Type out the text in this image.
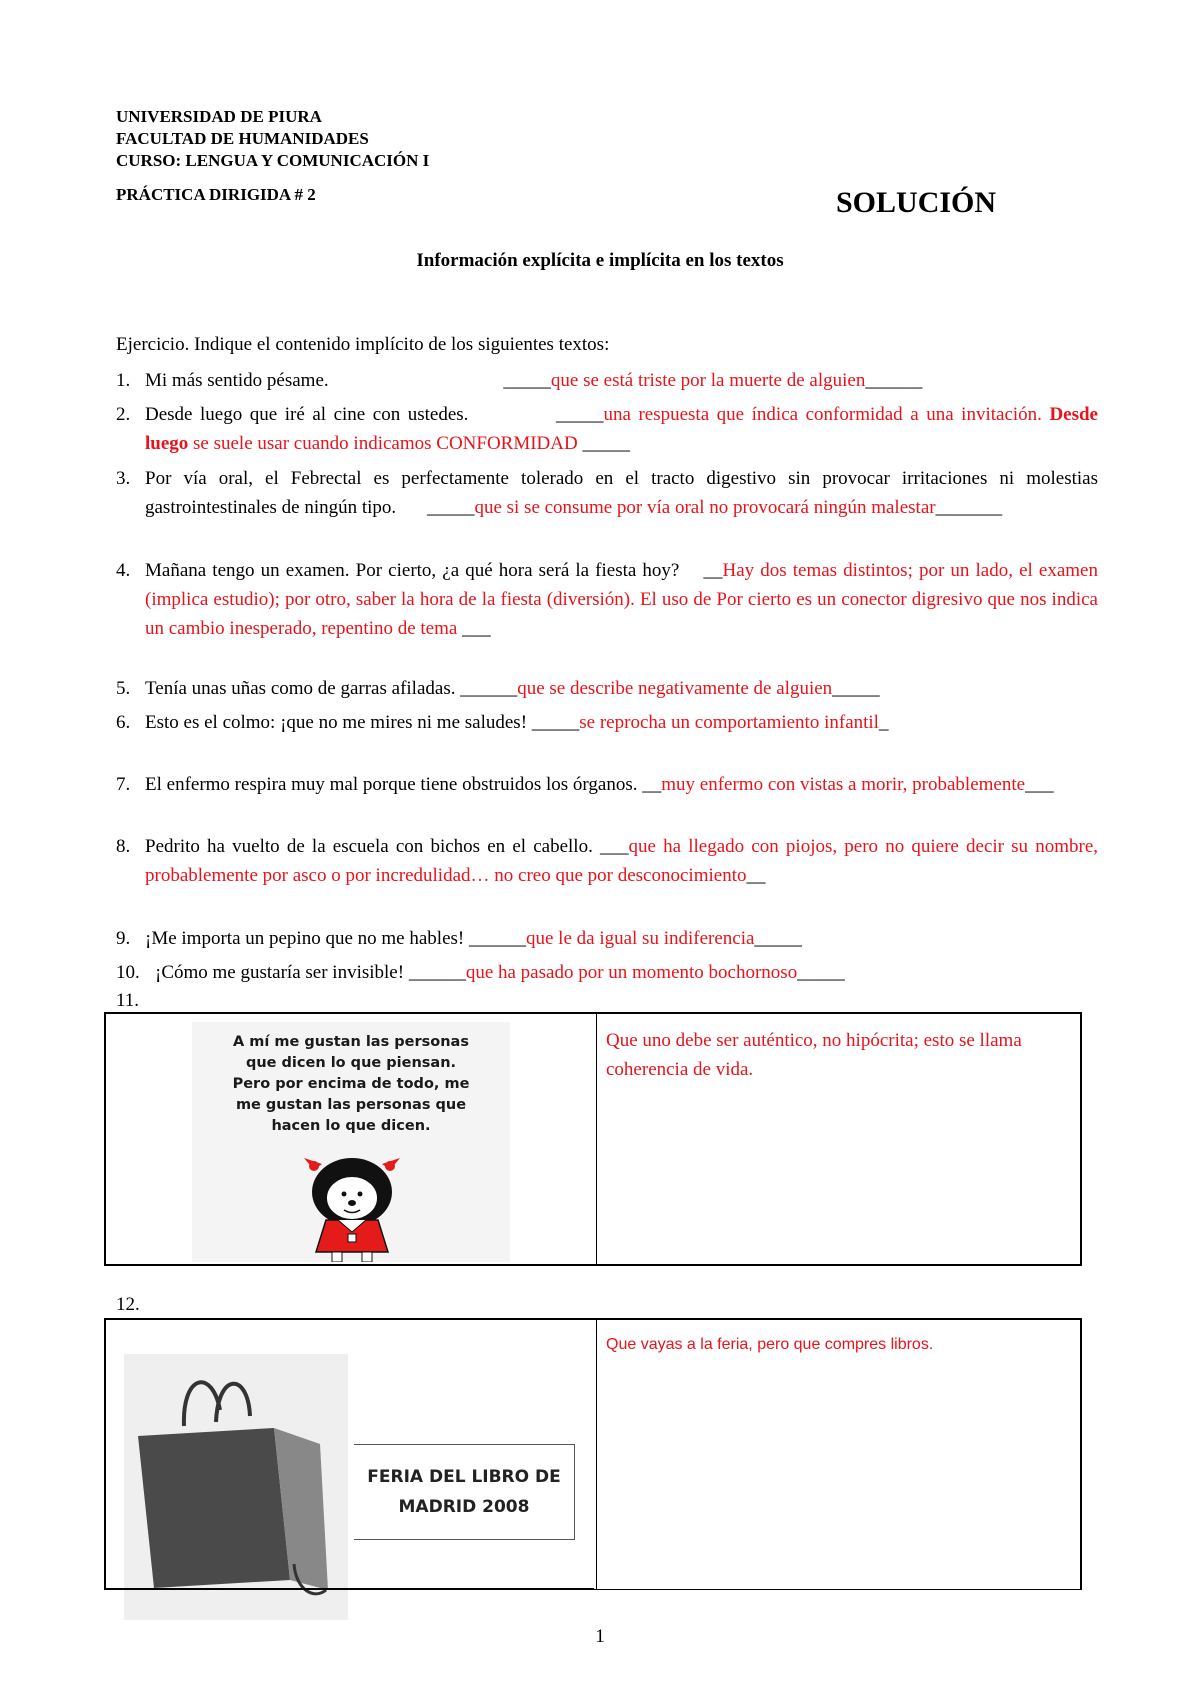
UNIVERSIDAD DE PIURA
FACULTAD DE HUMANIDADES
CURSO: LENGUA Y COMUNICACIÓN I
PRÁCTICA DIRIGIDA # 2	SOLUCIÓN
Información explícita e implícita en los textos
Ejercicio. Indique el contenido implícito de los siguientes textos:
1. Mi más sentido pésame.	_____que se está triste por la muerte de alguien______
2. Desde luego que iré al cine con ustedes.	_____una respuesta que índica conformidad a una invitación. Desde luego se suele usar cuando indicamos CONFORMIDAD _____
3. Por vía oral, el Febrectal es perfectamente tolerado en el tracto digestivo sin provocar irritaciones ni molestias gastrointestinales de ningún tipo. _____que si se consume por vía oral no provocará ningún malestar_______
4. Mañana tengo un examen. Por cierto, ¿a qué hora será la fiesta hoy? __Hay dos temas distintos; por un lado, el examen (implica estudio); por otro, saber la hora de la fiesta (diversión). El uso de Por cierto es un conector digresivo que nos indica un cambio inesperado, repentino de tema ___
5. Tenía unas uñas como de garras afiladas. ______que se describe negativamente de alguien_____
6. Esto es el colmo: ¡que no me mires ni me saludes! _____se reprocha un comportamiento infantil_
7. El enfermo respira muy mal porque tiene obstruidos los órganos. __muy enfermo con vistas a morir, probablemente___
8. Pedrito ha vuelto de la escuela con bichos en el cabello. ___que ha llegado con piojos, pero no quiere decir su nombre, probablemente por asco o por incredulidad… no creo que por desconocimiento__
9. ¡Me importa un pepino que no me hables! ______que le da igual su indiferencia_____
10. ¡Cómo me gustaría ser invisible! ______que ha pasado por un momento bochornoso_____
11.
A mí me gustan las personas
que dicen lo que piensan.
Pero por encima de todo, me
me gustan las personas que
hacen lo que dicen.
Que uno debe ser auténtico, no hipócrita; esto se llama coherencia de vida.
12.
FERIA DEL LIBRO DE
MADRID 2008
Que vayas a la feria, pero que compres libros.
1
